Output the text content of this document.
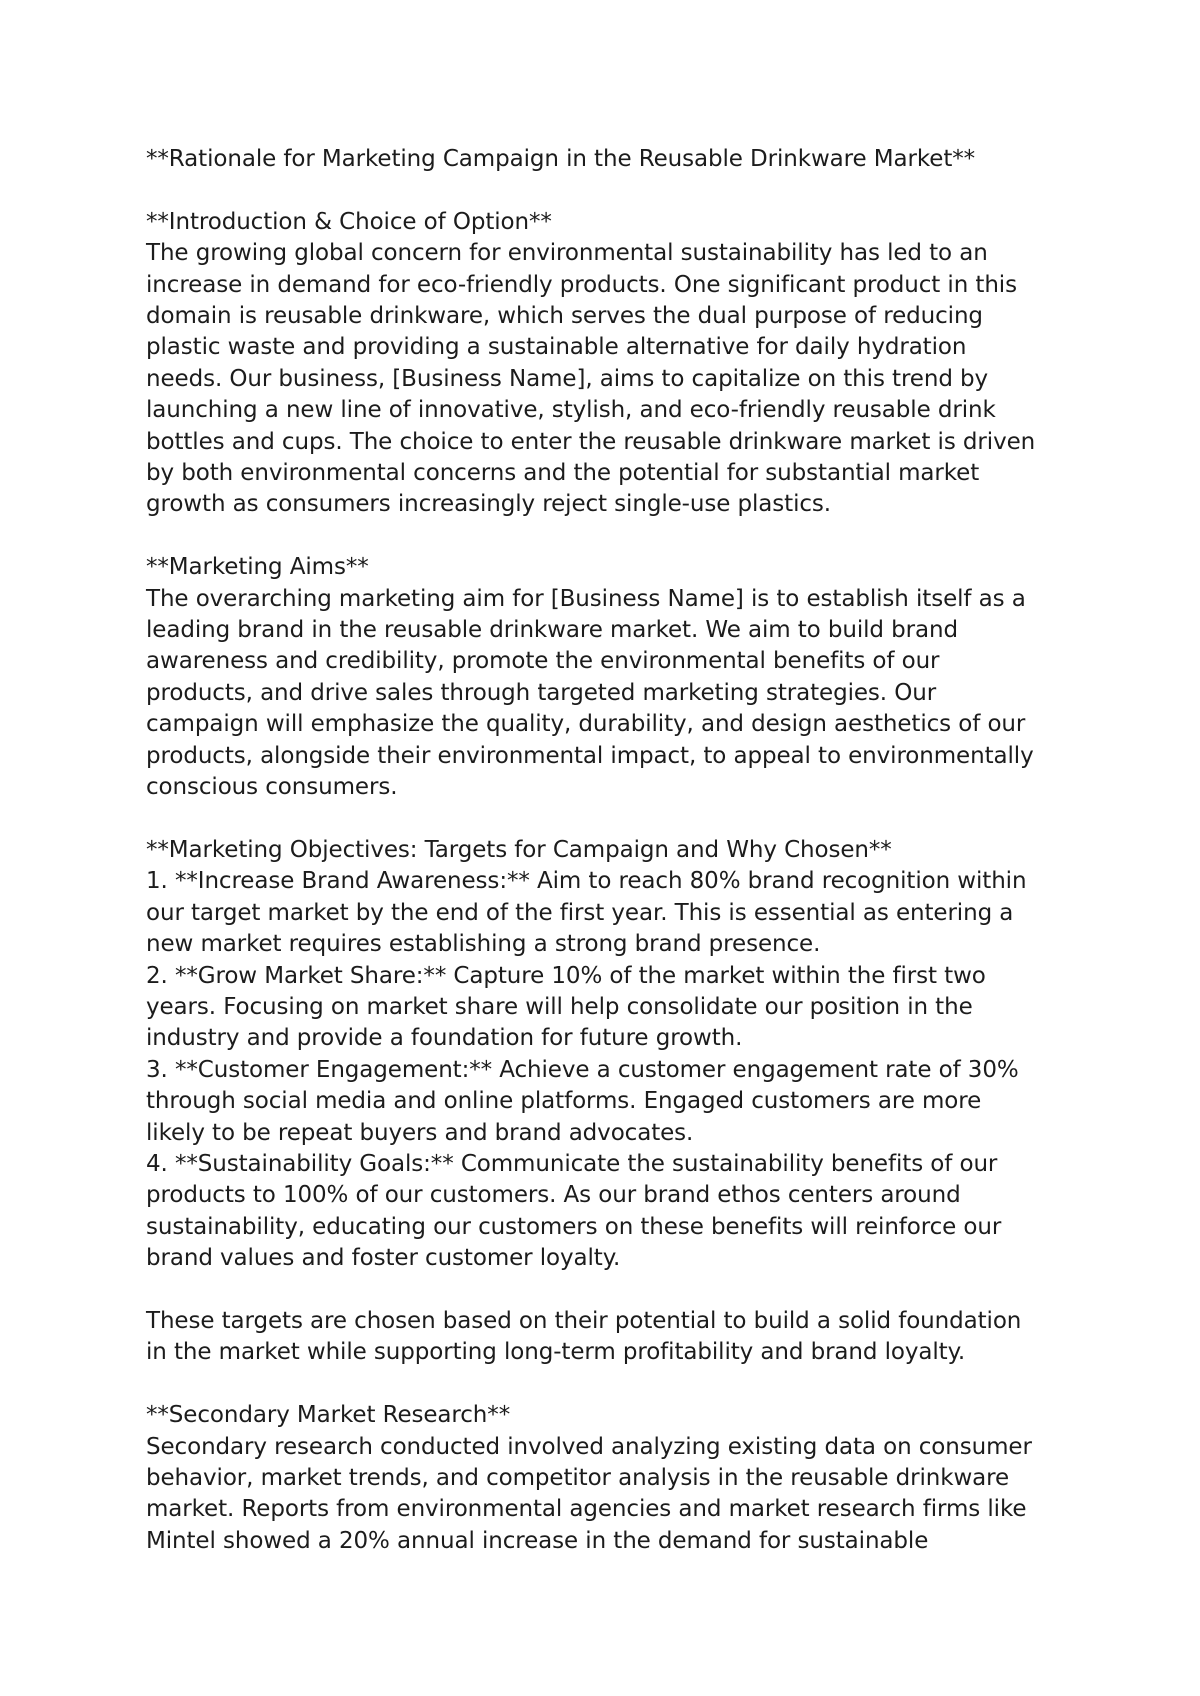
**Rationale for Marketing Campaign in the Reusable Drinkware Market**

**Introduction & Choice of Option**

The growing global concern for environmental sustainability has led to an
increase in demand for eco-friendly products. One significant product in this
domain is reusable drinkware, which serves the dual purpose of reducing
plastic waste and providing a sustainable alternative for daily hydration
needs. Our business, [Business Name], aims to capitalize on this trend by
launching a new line of innovative, stylish, and eco-friendly reusable drink
bottles and cups. The choice to enter the reusable drinkware market is driven
by both environmental concerns and the potential for substantial market
growth as consumers increasingly reject single-use plastics.

**Marketing Aims**

The overarching marketing aim for [Business Name] is to establish itself as a
leading brand in the reusable drinkware market. We aim to build brand
awareness and credibility, promote the environmental benefits of our
products, and drive sales through targeted marketing strategies. Our
campaign will emphasize the quality, durability, and design aesthetics of our
products, alongside their environmental impact, to appeal to environmentally
conscious consumers.

**Marketing Objectives: Targets for Campaign and Why Chosen**

1. **Increase Brand Awareness:** Aim to reach 80% brand recognition within
our target market by the end of the first year. This is essential as entering a
new market requires establishing a strong brand presence.

2. **Grow Market Share:** Capture 10% of the market within the first two
years. Focusing on market share will help consolidate our position in the
industry and provide a foundation for future growth.

3. **Customer Engagement:** Achieve a customer engagement rate of 30%
through social media and online platforms. Engaged customers are more
likely to be repeat buyers and brand advocates.

4. **Sustainability Goals:** Communicate the sustainability benefits of our
products to 100% of our customers. As our brand ethos centers around
sustainability, educating our customers on these benefits will reinforce our
brand values and foster customer loyalty.

These targets are chosen based on their potential to build a solid foundation
in the market while supporting long-term profitability and brand loyalty.

**Secondary Market Research**

Secondary research conducted involved analyzing existing data on consumer
behavior, market trends, and competitor analysis in the reusable drinkware
market. Reports from environmental agencies and market research firms like
Mintel showed a 20% annual increase in the demand for sustainable
